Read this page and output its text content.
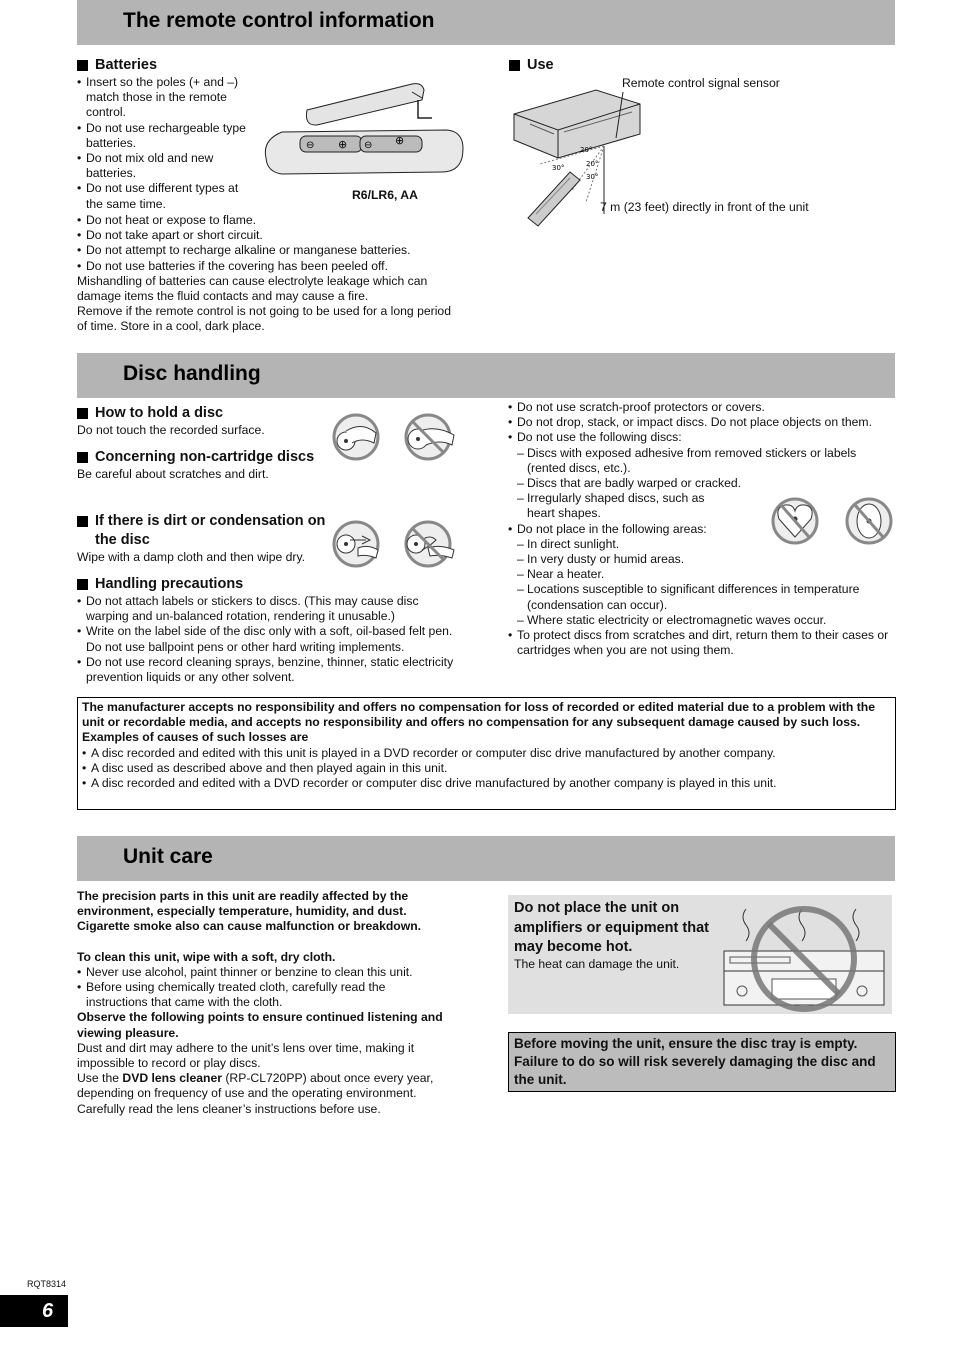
The remote control information
Batteries
• Insert so the poles (+ and –) match those in the remote control.
• Do not use rechargeable type batteries.
• Do not mix old and new batteries.
• Do not use different types at the same time.
• Do not heat or expose to flame.
• Do not take apart or short circuit.
• Do not attempt to recharge alkaline or manganese batteries.
• Do not use batteries if the covering has been peeled off.

Mishandling of batteries can cause electrolyte leakage which can damage items the fluid contacts and may cause a fire.

Remove if the remote control is not going to be used for a long period of time. Store in a cool, dark place.

⊖ ⊕ ⊖ ⊕
R6/LR6, AA
Use
Remote control signal sensor
20°
30°	20°
30°
7 m (23 feet) directly in front of the unit
Disc handling
How to hold a disc

Do not touch the recorded surface.

Concerning non-cartridge discs

Be careful about scratches and dirt.

If there is dirt or condensation on the disc

Wipe with a damp cloth and then wipe dry.

Handling precautions
• Do not attach labels or stickers to discs. (This may cause disc warping and un-balanced rotation, rendering it unusable.)
• Write on the label side of the disc only with a soft, oil-based felt pen. Do not use ballpoint pens or other hard writing implements.
• Do not use record cleaning sprays, benzine, thinner, static electricity prevention liquids or any other solvent.
• Do not use scratch-proof protectors or covers.
• Do not drop, stack, or impact discs. Do not place objects on them.
• Do not use the following discs:
– Discs with exposed adhesive from removed stickers or labels (rented discs, etc.).
– Discs that are badly warped or cracked.
– Irregularly shaped discs, such as heart shapes.
• Do not place in the following areas:
– In direct sunlight.
– In very dusty or humid areas.
– Near a heater.
– Locations susceptible to significant differences in temperature (condensation can occur).
– Where static electricity or electromagnetic waves occur.
• To protect discs from scratches and dirt, return them to their cases or cartridges when you are not using them.

The manufacturer accepts no responsibility and offers no compensation for loss of recorded or edited material due to a problem with the unit or recordable media, and accepts no responsibility and offers no compensation for any subsequent damage caused by such loss.

Examples of causes of such losses are

• A disc recorded and edited with this unit is played in a DVD recorder or computer disc drive manufactured by another company.
• A disc used as described above and then played again in this unit.
• A disc recorded and edited with a DVD recorder or computer disc drive manufactured by another company is played in this unit.
Unit care

The precision parts in this unit are readily affected by the environment, especially temperature, humidity, and dust. Cigarette smoke also can cause malfunction or breakdown.

To clean this unit, wipe with a soft, dry cloth.

• Never use alcohol, paint thinner or benzine to clean this unit.
• Before using chemically treated cloth, carefully read the instructions that came with the cloth.

Observe the following points to ensure continued listening and viewing pleasure.

Dust and dirt may adhere to the unit’s lens over time, making it impossible to record or play discs.

Use the DVD lens cleaner (RP-CL720PP) about once every year, depending on frequency of use and the operating environment.

Carefully read the lens cleaner’s instructions before use.

Do not place the unit on amplifiers or equipment that may become hot.

The heat can damage the unit.

Before moving the unit, ensure the disc tray is empty. Failure to do so will risk severely damaging the disc and the unit.

RQT8314
6
